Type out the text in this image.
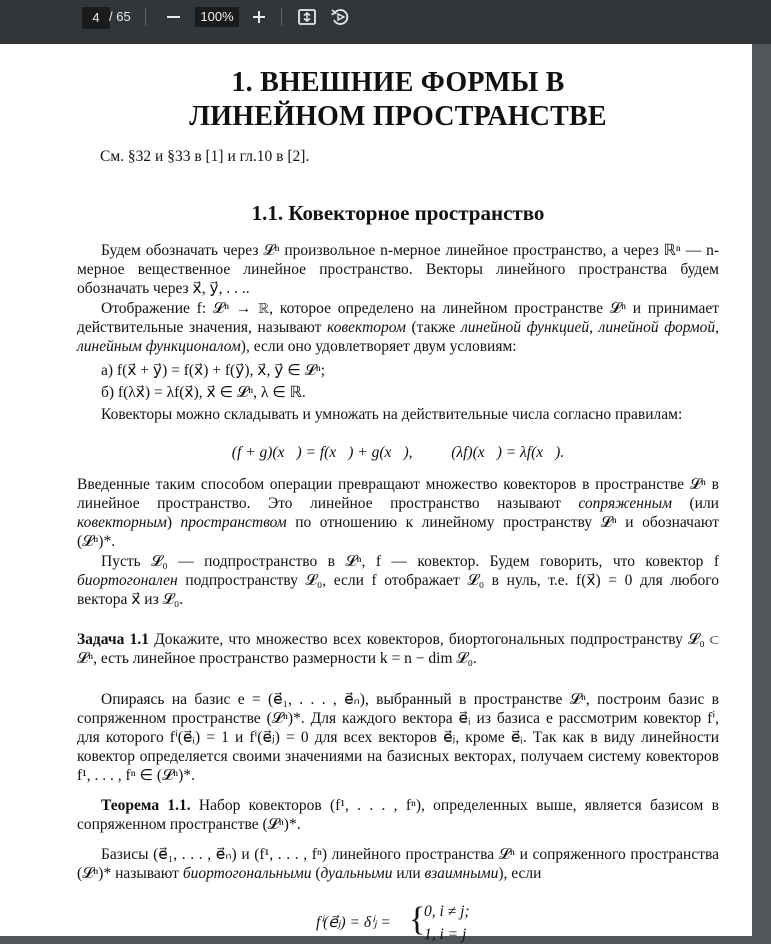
4
/ 65	100%
1. ВНЕШНИЕ ФОРМЫ В
ЛИНЕЙНОМ ПРОСТРАНСТВЕ
См. §32 и §33 в [1] и гл.10 в [2].
1.1. Ковекторное пространство

Будем обозначать через 𝓛ⁿ произвольное n-мерное линейное пространство, а через ℝⁿ — n-мерное вещественное линейное пространство. Векторы линейного пространства будем обозначать через x⃗, y⃗, . . ..

Отображение f: 𝓛ⁿ → ℝ, которое определено на линейном пространстве 𝓛ⁿ и принимает действительные значения, называют ковектором (также линейной функцией, линейной формой, линейным функционалом), если оно удовлетворяет двум условиям:

а) f(x⃗ + y⃗) = f(x⃗) + f(y⃗), x⃗, y⃗ ∈ 𝓛ⁿ;
б) f(λx⃗) = λf(x⃗), x⃗ ∈ 𝓛ⁿ, λ ∈ ℝ.

Ковекторы можно складывать и умножать на действительные числа согласно правилам:

(f + g)(x⃗) = f(x⃗) + g(x⃗),          (λf)(x⃗) = λf(x⃗).

Введенные таким способом операции превращают множество ковекторов в пространстве 𝓛ⁿ в линейное пространство. Это линейное пространство называют сопряженным (или ковекторным) пространством по отношению к линейному пространству 𝓛ⁿ и обозначают (𝓛ⁿ)*.

Пусть 𝓛₀ — подпространство в 𝓛ⁿ, f — ковектор. Будем говорить, что ковектор f биортогонален подпространству 𝓛₀, если f отображает 𝓛₀ в нуль, т.е. f(x⃗) = 0 для любого вектора x⃗ из 𝓛₀.

Задача 1.1 Докажите, что множество всех ковекторов, биортогональных подпространству 𝓛₀ ⊂ 𝓛ⁿ, есть линейное пространство размерности k = n − dim 𝓛₀.

Опираясь на базис e = (e⃗₁, . . . , e⃗ₙ), выбранный в пространстве 𝓛ⁿ, построим базис в сопряженном пространстве (𝓛ⁿ)*. Для каждого вектора e⃗ᵢ из базиса e рассмотрим ковектор fⁱ, для которого fⁱ(e⃗ᵢ) = 1 и fⁱ(e⃗ⱼ) = 0 для всех векторов e⃗ⱼ, кроме e⃗ᵢ. Так как в виду линейности ковектор определяется своими значениями на базисных векторах, получаем систему ковекторов f¹, . . . , fⁿ ∈ (𝓛ⁿ)*.

Теорема 1.1. Набор ковекторов (f¹, . . . , fⁿ), определенных выше, является базисом в сопряженном пространстве (𝓛ⁿ)*.

Базисы (e⃗₁, . . . , e⃗ₙ) и (f¹, . . . , fⁿ) линейного пространства 𝓛ⁿ и сопряженного пространства (𝓛ⁿ)* называют биортогональными (дуальными или взаимными), если

fⁱ(e⃗ⱼ) = δⁱⱼ = {
0, i ≠ j;
1, i = j
